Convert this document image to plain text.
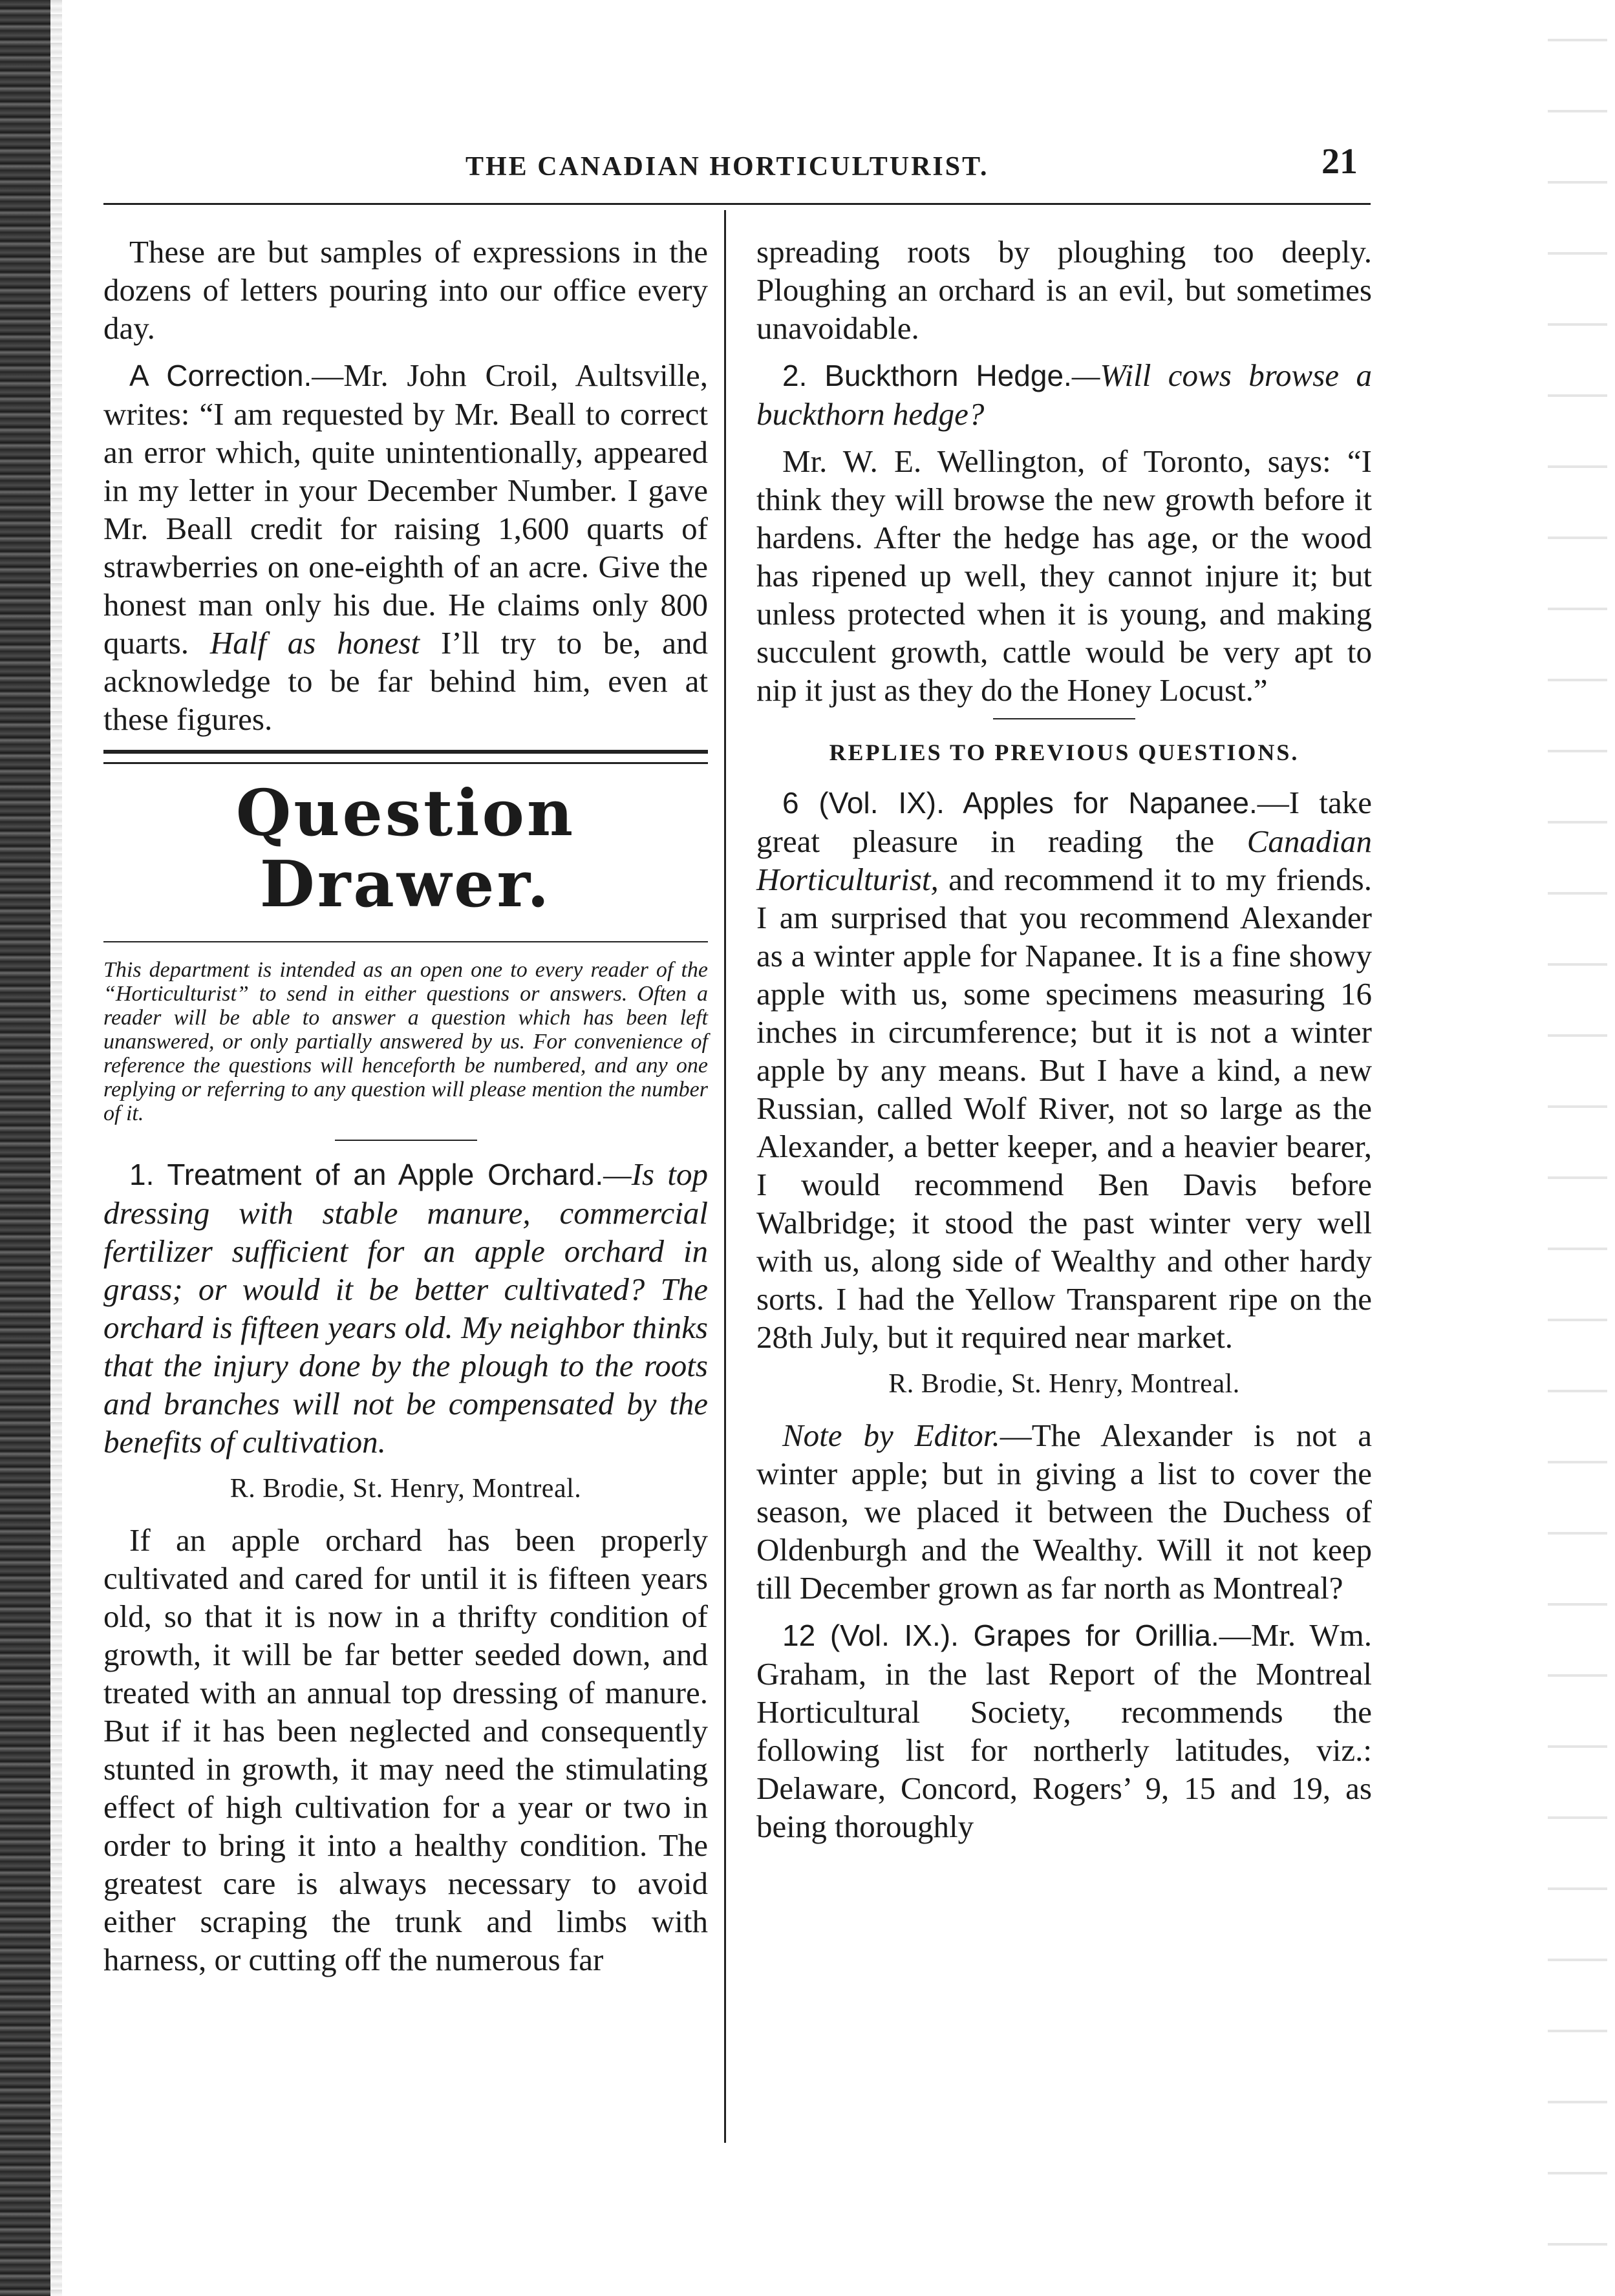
THE CANADIAN HORTICULTURIST.	21

These are but samples of expressions in the dozens of letters pouring into our office every day.

A Correction.—Mr. John Croil, Aultsville, writes: “I am requested by Mr. Beall to correct an error which, quite unintentionally, appeared in my letter in your December Number. I gave Mr. Beall credit for raising 1,600 quarts of strawberries on one-eighth of an acre. Give the honest man only his due. He claims only 800 quarts. Half as honest I’ll try to be, and acknowledge to be far behind him, even at these figures.

Question Drawer.
This department is intended as an open one to every reader of the “Horticulturist” to send in either questions or answers. Often a reader will be able to answer a question which has been left unanswered, or only partially answered by us. For convenience of reference the questions will henceforth be numbered, and any one replying or referring to any question will please mention the number of it.

1. Treatment of an Apple Orchard.—Is top dressing with stable manure, commercial fertilizer sufficient for an apple orchard in grass; or would it be better cultivated? The orchard is fifteen years old. My neighbor thinks that the injury done by the plough to the roots and branches will not be compensated by the benefits of cultivation.

R. Brodie, St. Henry, Montreal.

If an apple orchard has been properly cultivated and cared for until it is fifteen years old, so that it is now in a thrifty condition of growth, it will be far better seeded down, and treated with an annual top dressing of manure. But if it has been neglected and consequently stunted in growth, it may need the stimulating effect of high cultivation for a year or two in order to bring it into a healthy condition. The greatest care is always necessary to avoid either scraping the trunk and limbs with harness, or cutting off the numerous far

spreading roots by ploughing too deeply. Ploughing an orchard is an evil, but sometimes unavoidable.

2. Buckthorn Hedge.—Will cows browse a buckthorn hedge?

Mr. W. E. Wellington, of Toronto, says: “I think they will browse the new growth before it hardens. After the hedge has age, or the wood has ripened up well, they cannot injure it; but unless protected when it is young, and making succulent growth, cattle would be very apt to nip it just as they do the Honey Locust.”

REPLIES TO PREVIOUS QUESTIONS.

6 (Vol. IX). Apples for Napanee.—I take great pleasure in reading the Canadian Horticulturist, and recommend it to my friends. I am surprised that you recommend Alexander as a winter apple for Napanee. It is a fine showy apple with us, some specimens measuring 16 inches in circumference; but it is not a winter apple by any means. But I have a kind, a new Russian, called Wolf River, not so large as the Alexander, a better keeper, and a heavier bearer, I would recommend Ben Davis before Walbridge; it stood the past winter very well with us, along side of Wealthy and other hardy sorts. I had the Yellow Transparent ripe on the 28th July, but it required near market.

R. Brodie, St. Henry, Montreal.

Note by Editor.—The Alexander is not a winter apple; but in giving a list to cover the season, we placed it between the Duchess of Oldenburgh and the Wealthy. Will it not keep till December grown as far north as Montreal?

12 (Vol. IX.). Grapes for Orillia.—Mr. Wm. Graham, in the last Report of the Montreal Horticultural Society, recommends the following list for northerly latitudes, viz.: Delaware, Concord, Rogers’ 9, 15 and 19, as being thoroughly
